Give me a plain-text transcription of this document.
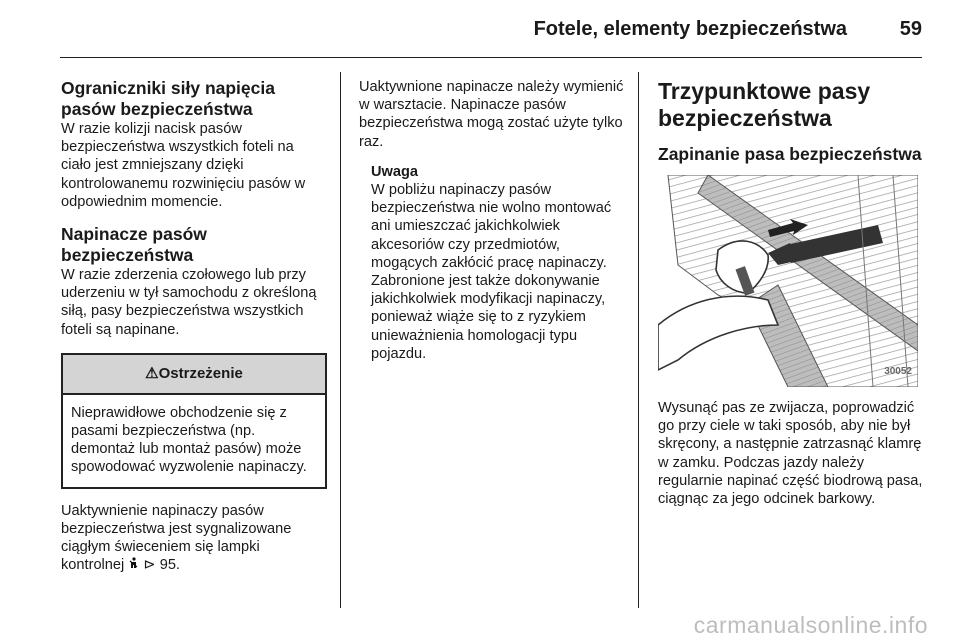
Fotele, elementy bezpieczeństwa	59

Ograniczniki siły napięcia pasów bezpieczeństwa

W razie kolizji nacisk pasów bezpieczeństwa wszystkich foteli na ciało jest zmniejszany dzięki kontrolowanemu rozwinięciu pasów w odpowiednim momencie.

Napinacze pasów bezpieczeństwa

W razie zderzenia czołowego lub przy uderzeniu w tył samochodu z określoną siłą, pasy bezpieczeństwa wszystkich foteli są napinane.

⚠Ostrzeżenie
Nieprawidłowe obchodzenie się z pasami bezpieczeństwa (np. demontaż lub montaż pasów) może spowodować wyzwolenie napinaczy.

Uaktywnienie napinaczy pasów bezpieczeństwa jest sygnalizowane ciągłym świeceniem się lampki kontrolnej ⊳ 95.

Uaktywnione napinacze należy wymienić w warsztacie. Napinacze pasów bezpieczeństwa mogą zostać użyte tylko raz.

Uwaga
W pobliżu napinaczy pasów bezpieczeństwa nie wolno montować ani umieszczać jakichkolwiek akcesoriów czy przedmiotów, mogących zakłócić pracę napinaczy. Zabronione jest także dokonywanie jakichkolwiek modyfikacji napinaczy, ponieważ wiąże się to z ryzykiem unieważnienia homologacji typu pojazdu.

Trzypunktowe pasy bezpieczeństwa

Zapinanie pasa bezpieczeństwa

30052

Wysunąć pas ze zwijacza, poprowadzić go przy ciele w taki sposób, aby nie był skręcony, a następnie zatrzasnąć klamrę w zamku. Podczas jazdy należy regularnie napinać część biodrową pasa, ciągnąc za jego odcinek barkowy.

carmanualsonline.info
